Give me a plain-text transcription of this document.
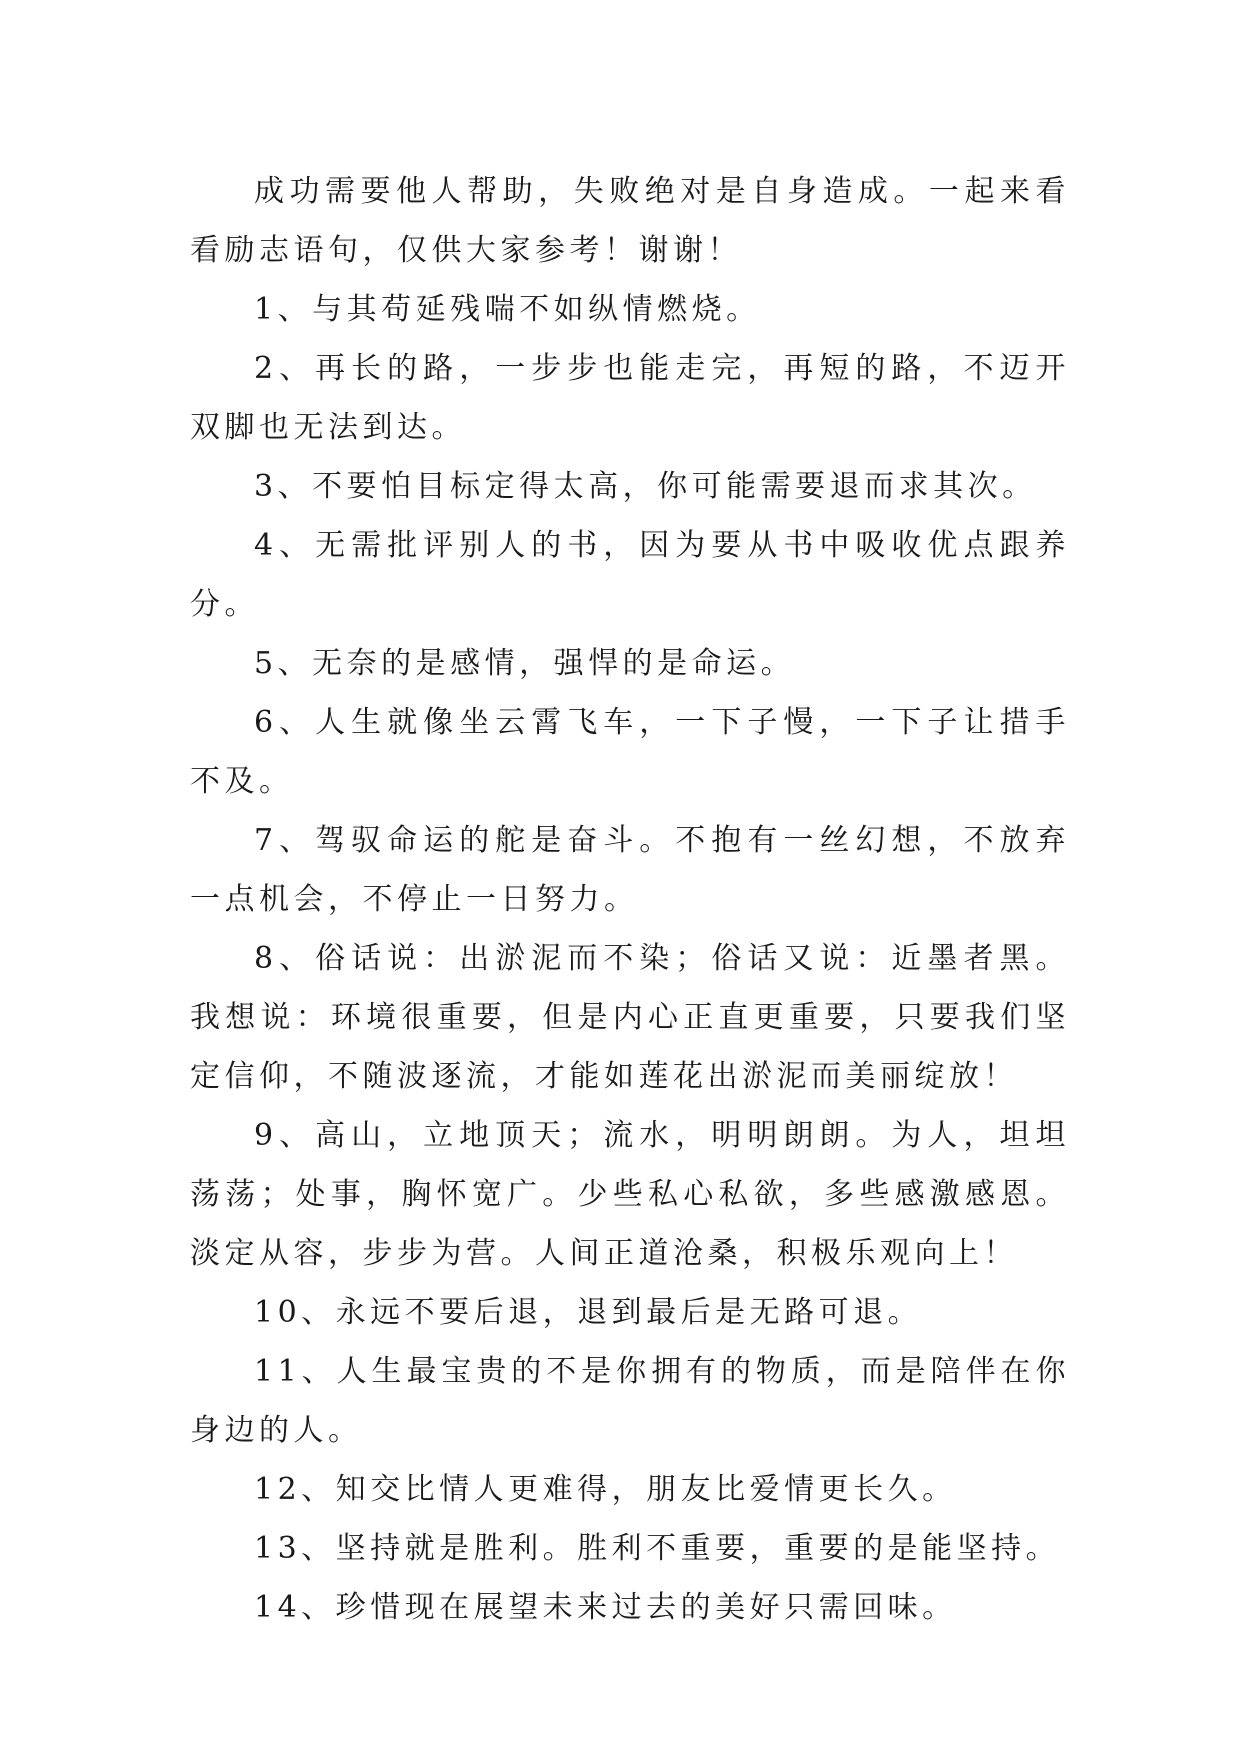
成功需要他人帮助，失败绝对是自身造成。一起来看看励志语句，仅供大家参考！谢谢！

1、与其苟延残喘不如纵情燃烧。

2、再长的路，一步步也能走完，再短的路，不迈开双脚也无法到达。

3、不要怕目标定得太高，你可能需要退而求其次。

4、无需批评别人的书，因为要从书中吸收优点跟养分。

5、无奈的是感情，强悍的是命运。

6、人生就像坐云霄飞车，一下子慢，一下子让措手不及。

7、驾驭命运的舵是奋斗。不抱有一丝幻想，不放弃一点机会，不停止一日努力。

8、俗话说：出淤泥而不染；俗话又说：近墨者黑。我想说：环境很重要，但是内心正直更重要，只要我们坚定信仰，不随波逐流，才能如莲花出淤泥而美丽绽放！

9、高山，立地顶天；流水，明明朗朗。为人，坦坦荡荡；处事，胸怀宽广。少些私心私欲，多些感激感恩。淡定从容，步步为营。人间正道沧桑，积极乐观向上！

10、永远不要后退，退到最后是无路可退。

11、人生最宝贵的不是你拥有的物质，而是陪伴在你身边的人。

12、知交比情人更难得，朋友比爱情更长久。

13、坚持就是胜利。胜利不重要，重要的是能坚持。

14、珍惜现在展望未来过去的美好只需回味。
